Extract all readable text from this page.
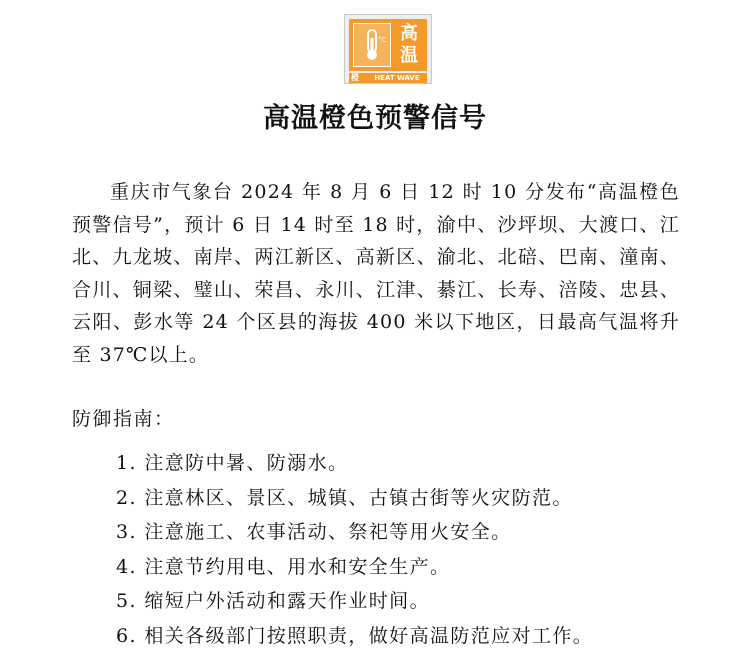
°C 高
温
橙	HEAT WAVE
高温橙色预警信号

重庆市气象台 2024 年 8 月 6 日 12 时 10 分发布“高温橙色预警信号”，预计 6 日 14 时至 18 时，渝中、沙坪坝、大渡口、江北、九龙坡、南岸、两江新区、高新区、渝北、北碚、巴南、潼南、合川、铜梁、璧山、荣昌、永川、江津、綦江、长寿、涪陵、忠县、云阳、彭水等 24 个区县的海拔 400 米以下地区，日最高气温将升至 37℃以上。

防御指南：

1. 注意防中暑、防溺水。
2. 注意林区、景区、城镇、古镇古街等火灾防范。
3. 注意施工、农事活动、祭祀等用火安全。
4. 注意节约用电、用水和安全生产。
5. 缩短户外活动和露天作业时间。
6. 相关各级部门按照职责，做好高温防范应对工作。
